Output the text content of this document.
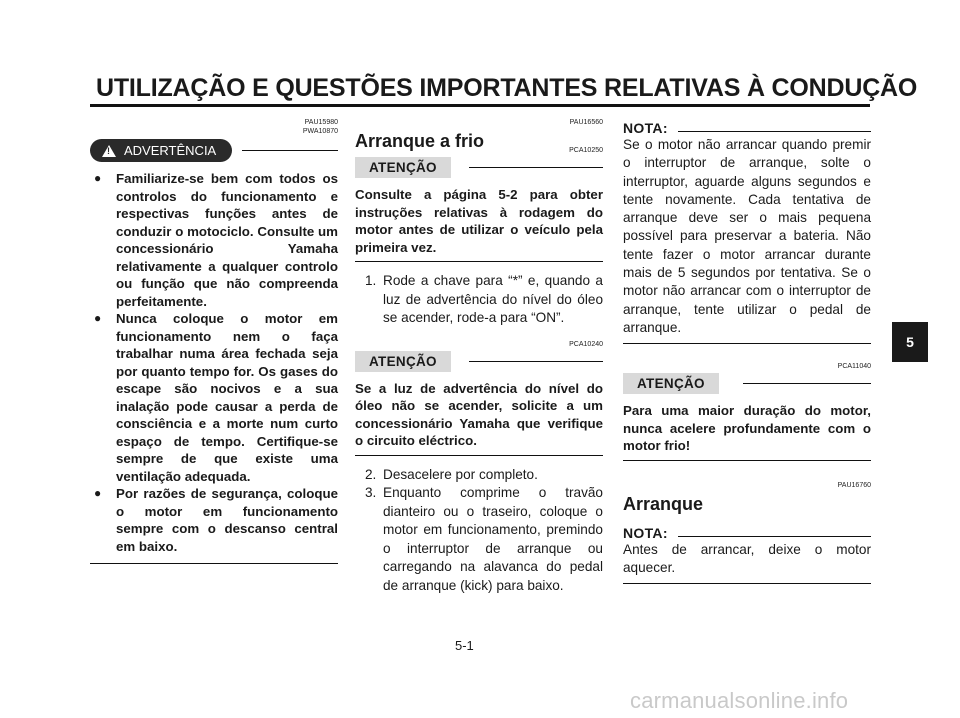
UTILIZAÇÃO E QUESTÕES IMPORTANTES RELATIVAS À CONDUÇÃO
PAU15980
PWA10870
!
ADVERTÊNCIA
● Familiarize-se bem com todos os controlos do funcionamento e respectivas funções antes de conduzir o motociclo. Consulte um concessionário Yamaha relativamente a qualquer controlo ou função que não compreenda perfeitamente.
● Nunca coloque o motor em funcionamento nem o faça trabalhar numa área fechada seja por quanto tempo for. Os gases do escape são nocivos e a sua inalação pode causar a perda de consciência e a morte num curto espaço de tempo. Certifique-se sempre de que existe uma ventilação adequada.
● Por razões de segurança, coloque o motor em funcionamento sempre com o descanso central em baixo.
PAU16560
Arranque a frio	PCA10250
ATENÇÃO
Consulte a página 5-2 para obter instruções relativas à rodagem do motor antes de utilizar o veículo pela primeira vez.
1. Rode a chave para “*” e, quando a luz de advertência do nível do óleo se acender, rode-a para “ON”.
PCA10240
ATENÇÃO
Se a luz de advertência do nível do óleo não se acender, solicite a um concessionário Yamaha que verifique o circuito eléctrico.
2. Desacelere por completo.
3. Enquanto comprime o travão dianteiro ou o traseiro, coloque o motor em funcionamento, premindo o interruptor de arranque ou carregando na alavanca do pedal de arranque (kick) para baixo.
NOTA:
Se o motor não arrancar quando premir o interruptor de arranque, solte o interruptor, aguarde alguns segundos e tente novamente. Cada tentativa de arranque deve ser o mais pequena possível para preservar a bateria. Não tente fazer o motor arrancar durante mais de 5 segundos por tentativa. Se o motor não arrancar com o interruptor de arranque, tente utilizar o pedal de arranque.
PCA11040
ATENÇÃO
Para uma maior duração do motor, nunca acelere profundamente com o motor frio!
PAU16760
Arranque
NOTA:
Antes de arrancar, deixe o motor aquecer.
5
5-1
carmanualsonline.info
